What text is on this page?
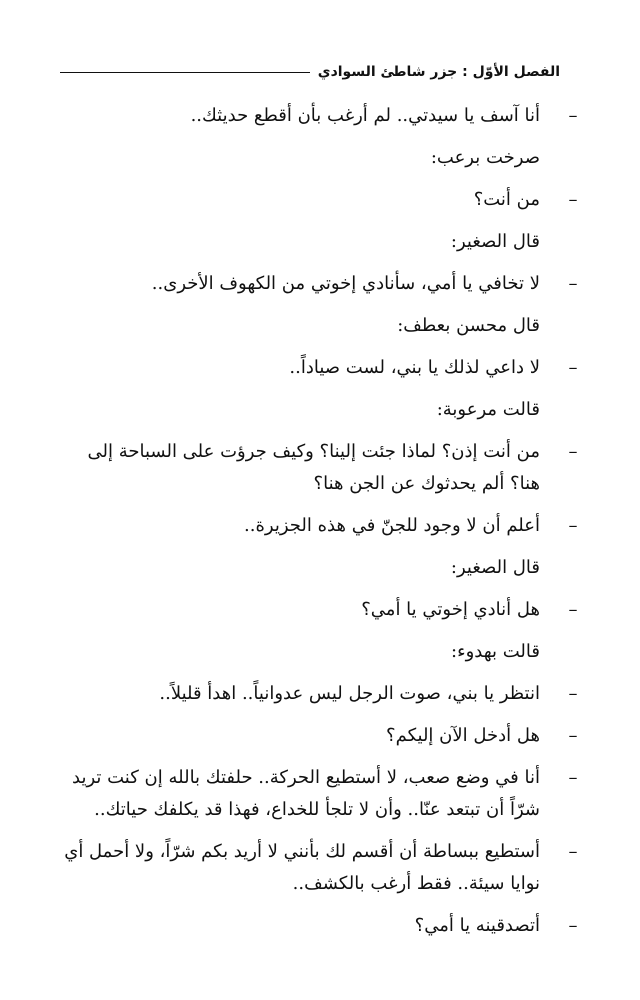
الفصل الأوّل : جزر شاطئ السوادي
–
أنا آسف يا سيدتي.. لم أرغب بأن أقطع حديثك..
صرخت برعب:
–
من أنت؟
قال الصغير:
–
لا تخافي يا أمي، سأنادي إخوتي من الكهوف الأخرى..
قال محسن بعطف:
–
لا داعي لذلك يا بني، لست صياداً..
قالت مرعوبة:
–
من أنت إذن؟ لماذا جئت إلينا؟ وكيف جرؤت على السباحة إلى هنا؟ ألم يحدثوك عن الجن هنا؟
–
أعلم أن لا وجود للجنّ في هذه الجزيرة..
قال الصغير:
–
هل أنادي إخوتي يا أمي؟
قالت بهدوء:
–
انتظر يا بني، صوت الرجل ليس عدوانياً.. اهدأ قليلاً..
–
هل أدخل الآن إليكم؟
–
أنا في وضع صعب، لا أستطيع الحركة.. حلفتك بالله إن كنت تريد شرّاً أن تبتعد عنّا.. وأن لا تلجأ للخداع، فهذا قد يكلفك حياتك..
–
أستطيع ببساطة أن أقسم لك بأنني لا أريد بكم شرّاً، ولا أحمل أي نوايا سيئة.. فقط أرغب بالكشف..
–
أتصدقينه يا أمي؟
